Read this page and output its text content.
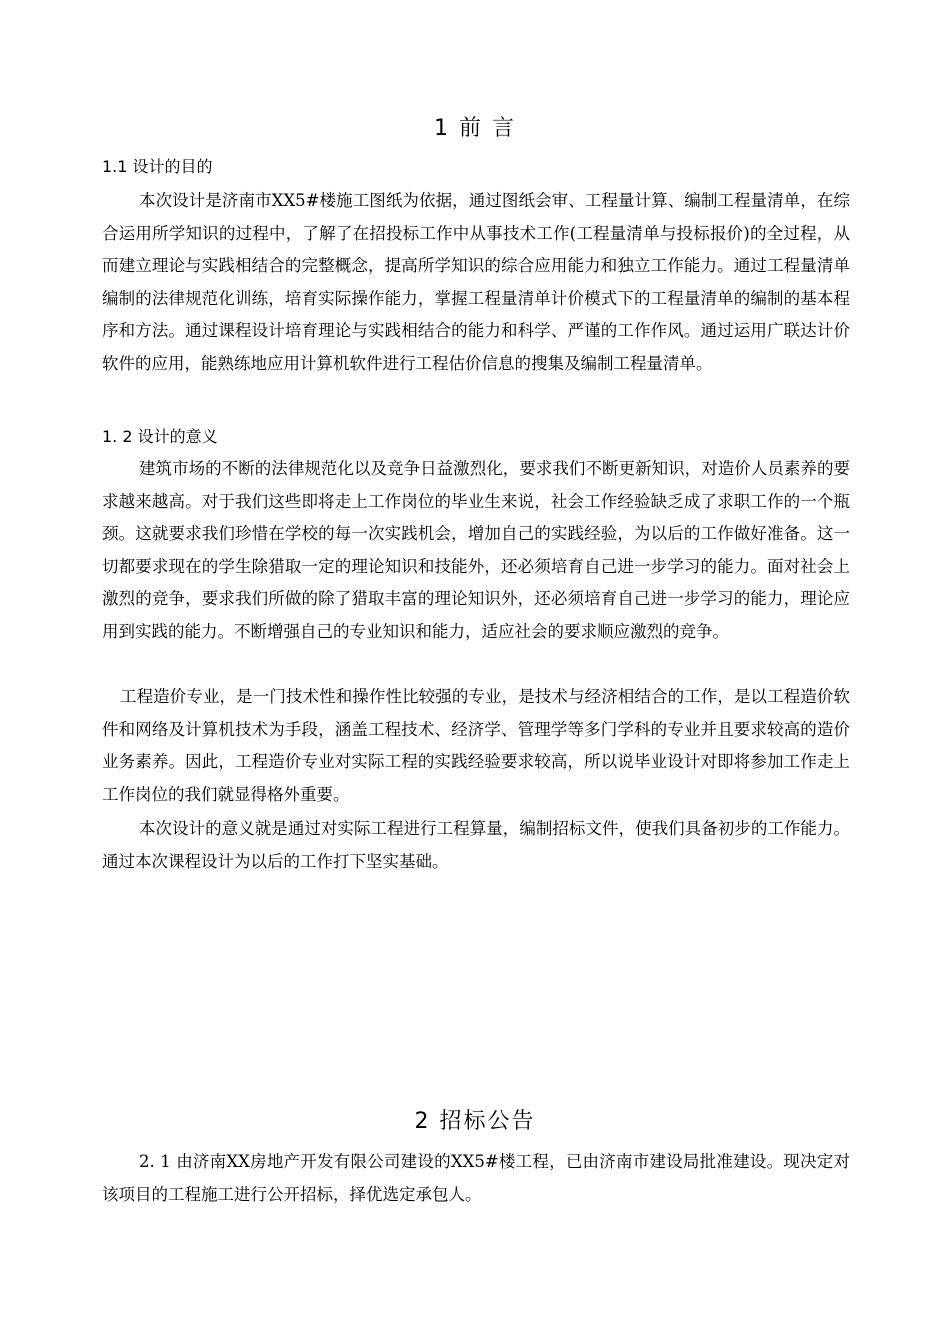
1 前 言
1.1 设计的目的

本次设计是济南市XX5#楼施工图纸为依据，通过图纸会审、工程量计算、编制工程量清单，在综合运用所学知识的过程中，了解了在招投标工作中从事技术工作(工程量清单与投标报价)的全过程，从而建立理论与实践相结合的完整概念，提高所学知识的综合应用能力和独立工作能力。通过工程量清单编制的法律规范化训练，培育实际操作能力，掌握工程量清单计价模式下的工程量清单的编制的基本程序和方法。通过课程设计培育理论与实践相结合的能力和科学、严谨的工作作风。通过运用广联达计价软件的应用，能熟练地应用计算机软件进行工程估价信息的搜集及编制工程量清单。

1. 2 设计的意义

建筑市场的不断的法律规范化以及竞争日益激烈化，要求我们不断更新知识，对造价人员素养的要求越来越高。对于我们这些即将走上工作岗位的毕业生来说，社会工作经验缺乏成了求职工作的一个瓶颈。这就要求我们珍惜在学校的每一次实践机会，增加自己的实践经验，为以后的工作做好准备。这一切都要求现在的学生除猎取一定的理论知识和技能外，还必须培育自己进一步学习的能力。面对社会上激烈的竞争，要求我们所做的除了猎取丰富的理论知识外，还必须培育自己进一步学习的能力，理论应用到实践的能力。不断增强自己的专业知识和能力，适应社会的要求顺应激烈的竞争。

工程造价专业，是一门技术性和操作性比较强的专业，是技术与经济相结合的工作，是以工程造价软件和网络及计算机技术为手段，涵盖工程技术、经济学、管理学等多门学科的专业并且要求较高的造价业务素养。因此，工程造价专业对实际工程的实践经验要求较高，所以说毕业设计对即将参加工作走上工作岗位的我们就显得格外重要。

本次设计的意义就是通过对实际工程进行工程算量，编制招标文件，使我们具备初步的工作能力。通过本次课程设计为以后的工作打下坚实基础。

2 招标公告

2. 1 由济南XX房地产开发有限公司建设的XX5#楼工程，已由济南市建设局批准建设。现决定对该项目的工程施工进行公开招标，择优选定承包人。
